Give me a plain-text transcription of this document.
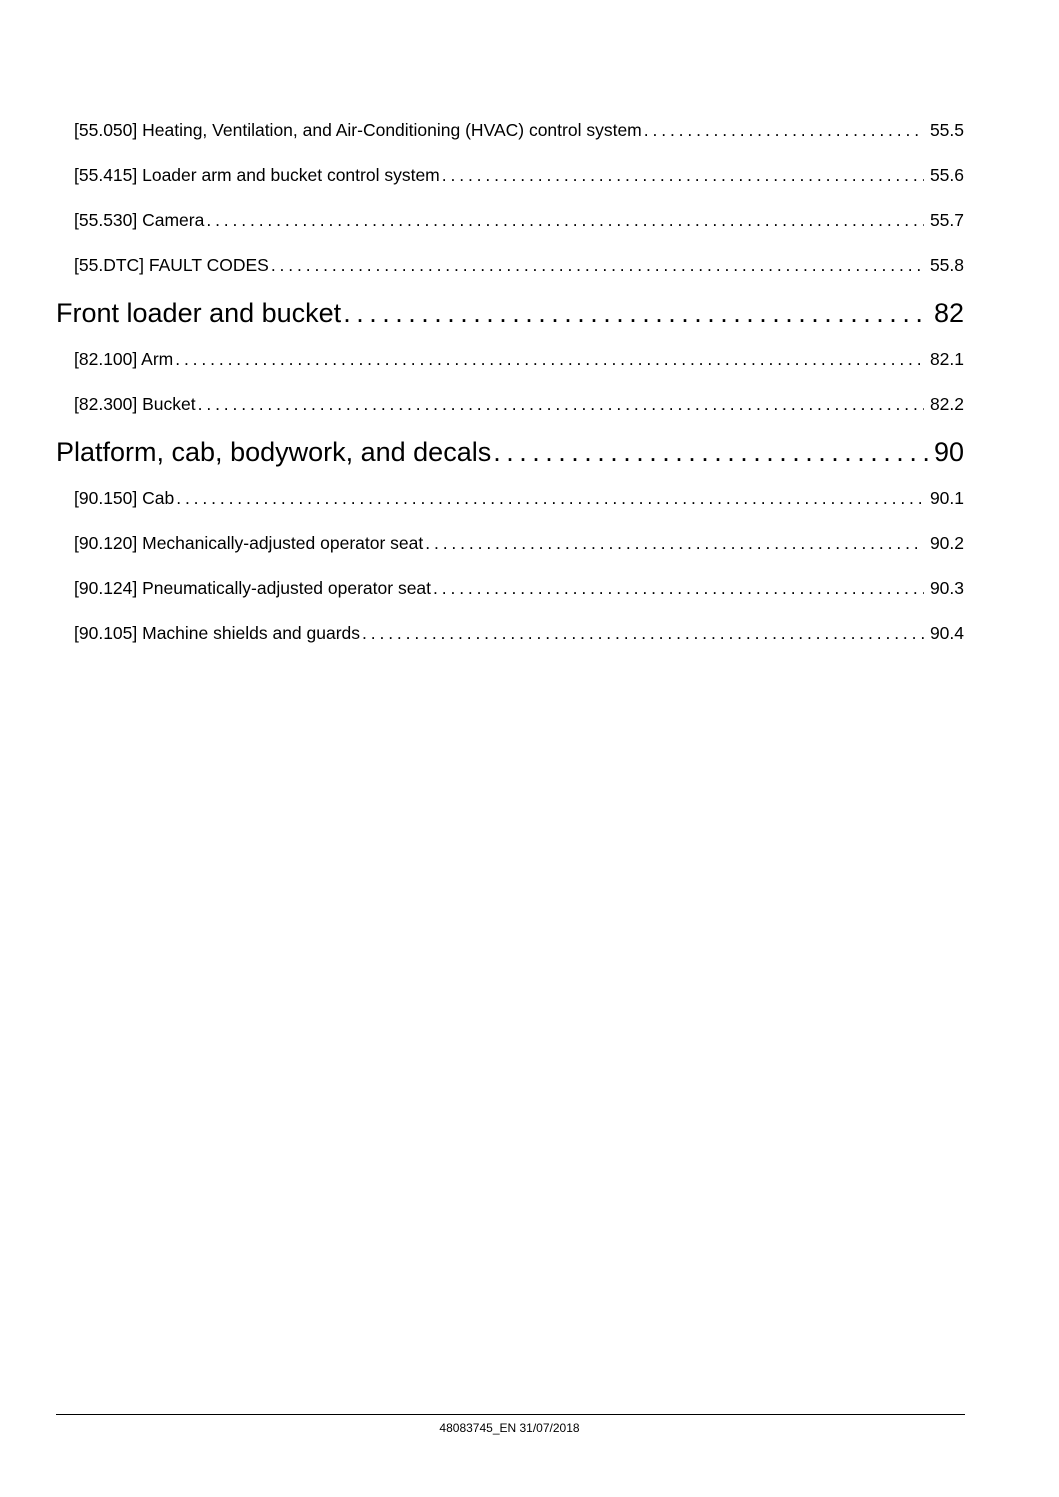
[55.050] Heating, Ventilation, and Air-Conditioning (HVAC) control system . . .	55.5
[55.415] Loader arm and bucket control system . . .	55.6
[55.530] Camera . . .	55.7
[55.DTC] FAULT CODES . . .	55.8
Front loader and bucket . . .	82
[82.100] Arm . . .	82.1
[82.300] Bucket . . .	82.2
Platform, cab, bodywork, and decals . . .	90
[90.150] Cab . . .	90.1
[90.120] Mechanically-adjusted operator seat . . .	90.2
[90.124] Pneumatically-adjusted operator seat . . .	90.3
[90.105] Machine shields and guards . . .	90.4
48083745_EN 31/07/2018
